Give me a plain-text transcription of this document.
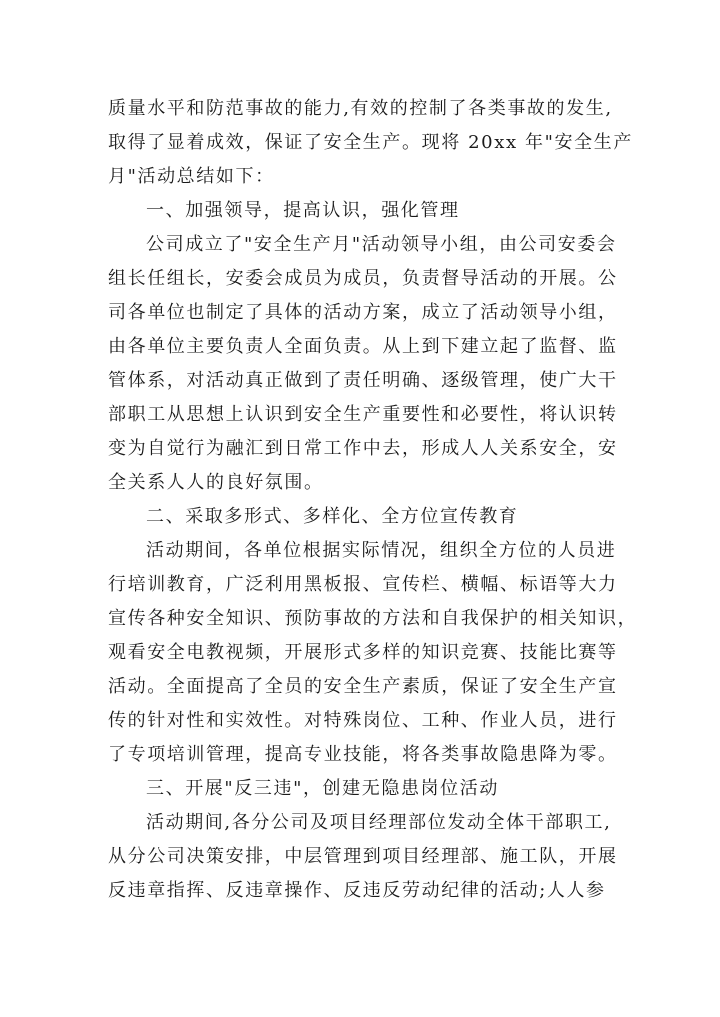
质量水平和防范事故的能力,有效的控制了各类事故的发生,
取得了显着成效，保证了安全生产。现将 20xx 年"安全生产
月"活动总结如下：
一、加强领导，提高认识，强化管理
公司成立了"安全生产月"活动领导小组，由公司安委会
组长任组长，安委会成员为成员，负责督导活动的开展。公
司各单位也制定了具体的活动方案，成立了活动领导小组，
由各单位主要负责人全面负责。从上到下建立起了监督、监
管体系，对活动真正做到了责任明确、逐级管理，使广大干
部职工从思想上认识到安全生产重要性和必要性，将认识转
变为自觉行为融汇到日常工作中去，形成人人关系安全，安
全关系人人的良好氛围。
二、采取多形式、多样化、全方位宣传教育
活动期间，各单位根据实际情况，组织全方位的人员进
行培训教育，广泛利用黑板报、宣传栏、横幅、标语等大力
宣传各种安全知识、预防事故的方法和自我保护的相关知识，
观看安全电教视频，开展形式多样的知识竞赛、技能比赛等
活动。全面提高了全员的安全生产素质，保证了安全生产宣
传的针对性和实效性。对特殊岗位、工种、作业人员，进行
了专项培训管理，提高专业技能，将各类事故隐患降为零。
三、开展"反三违"，创建无隐患岗位活动
活动期间,各分公司及项目经理部位发动全体干部职工,
从分公司决策安排，中层管理到项目经理部、施工队，开展
反违章指挥、反违章操作、反违反劳动纪律的活动;人人参
